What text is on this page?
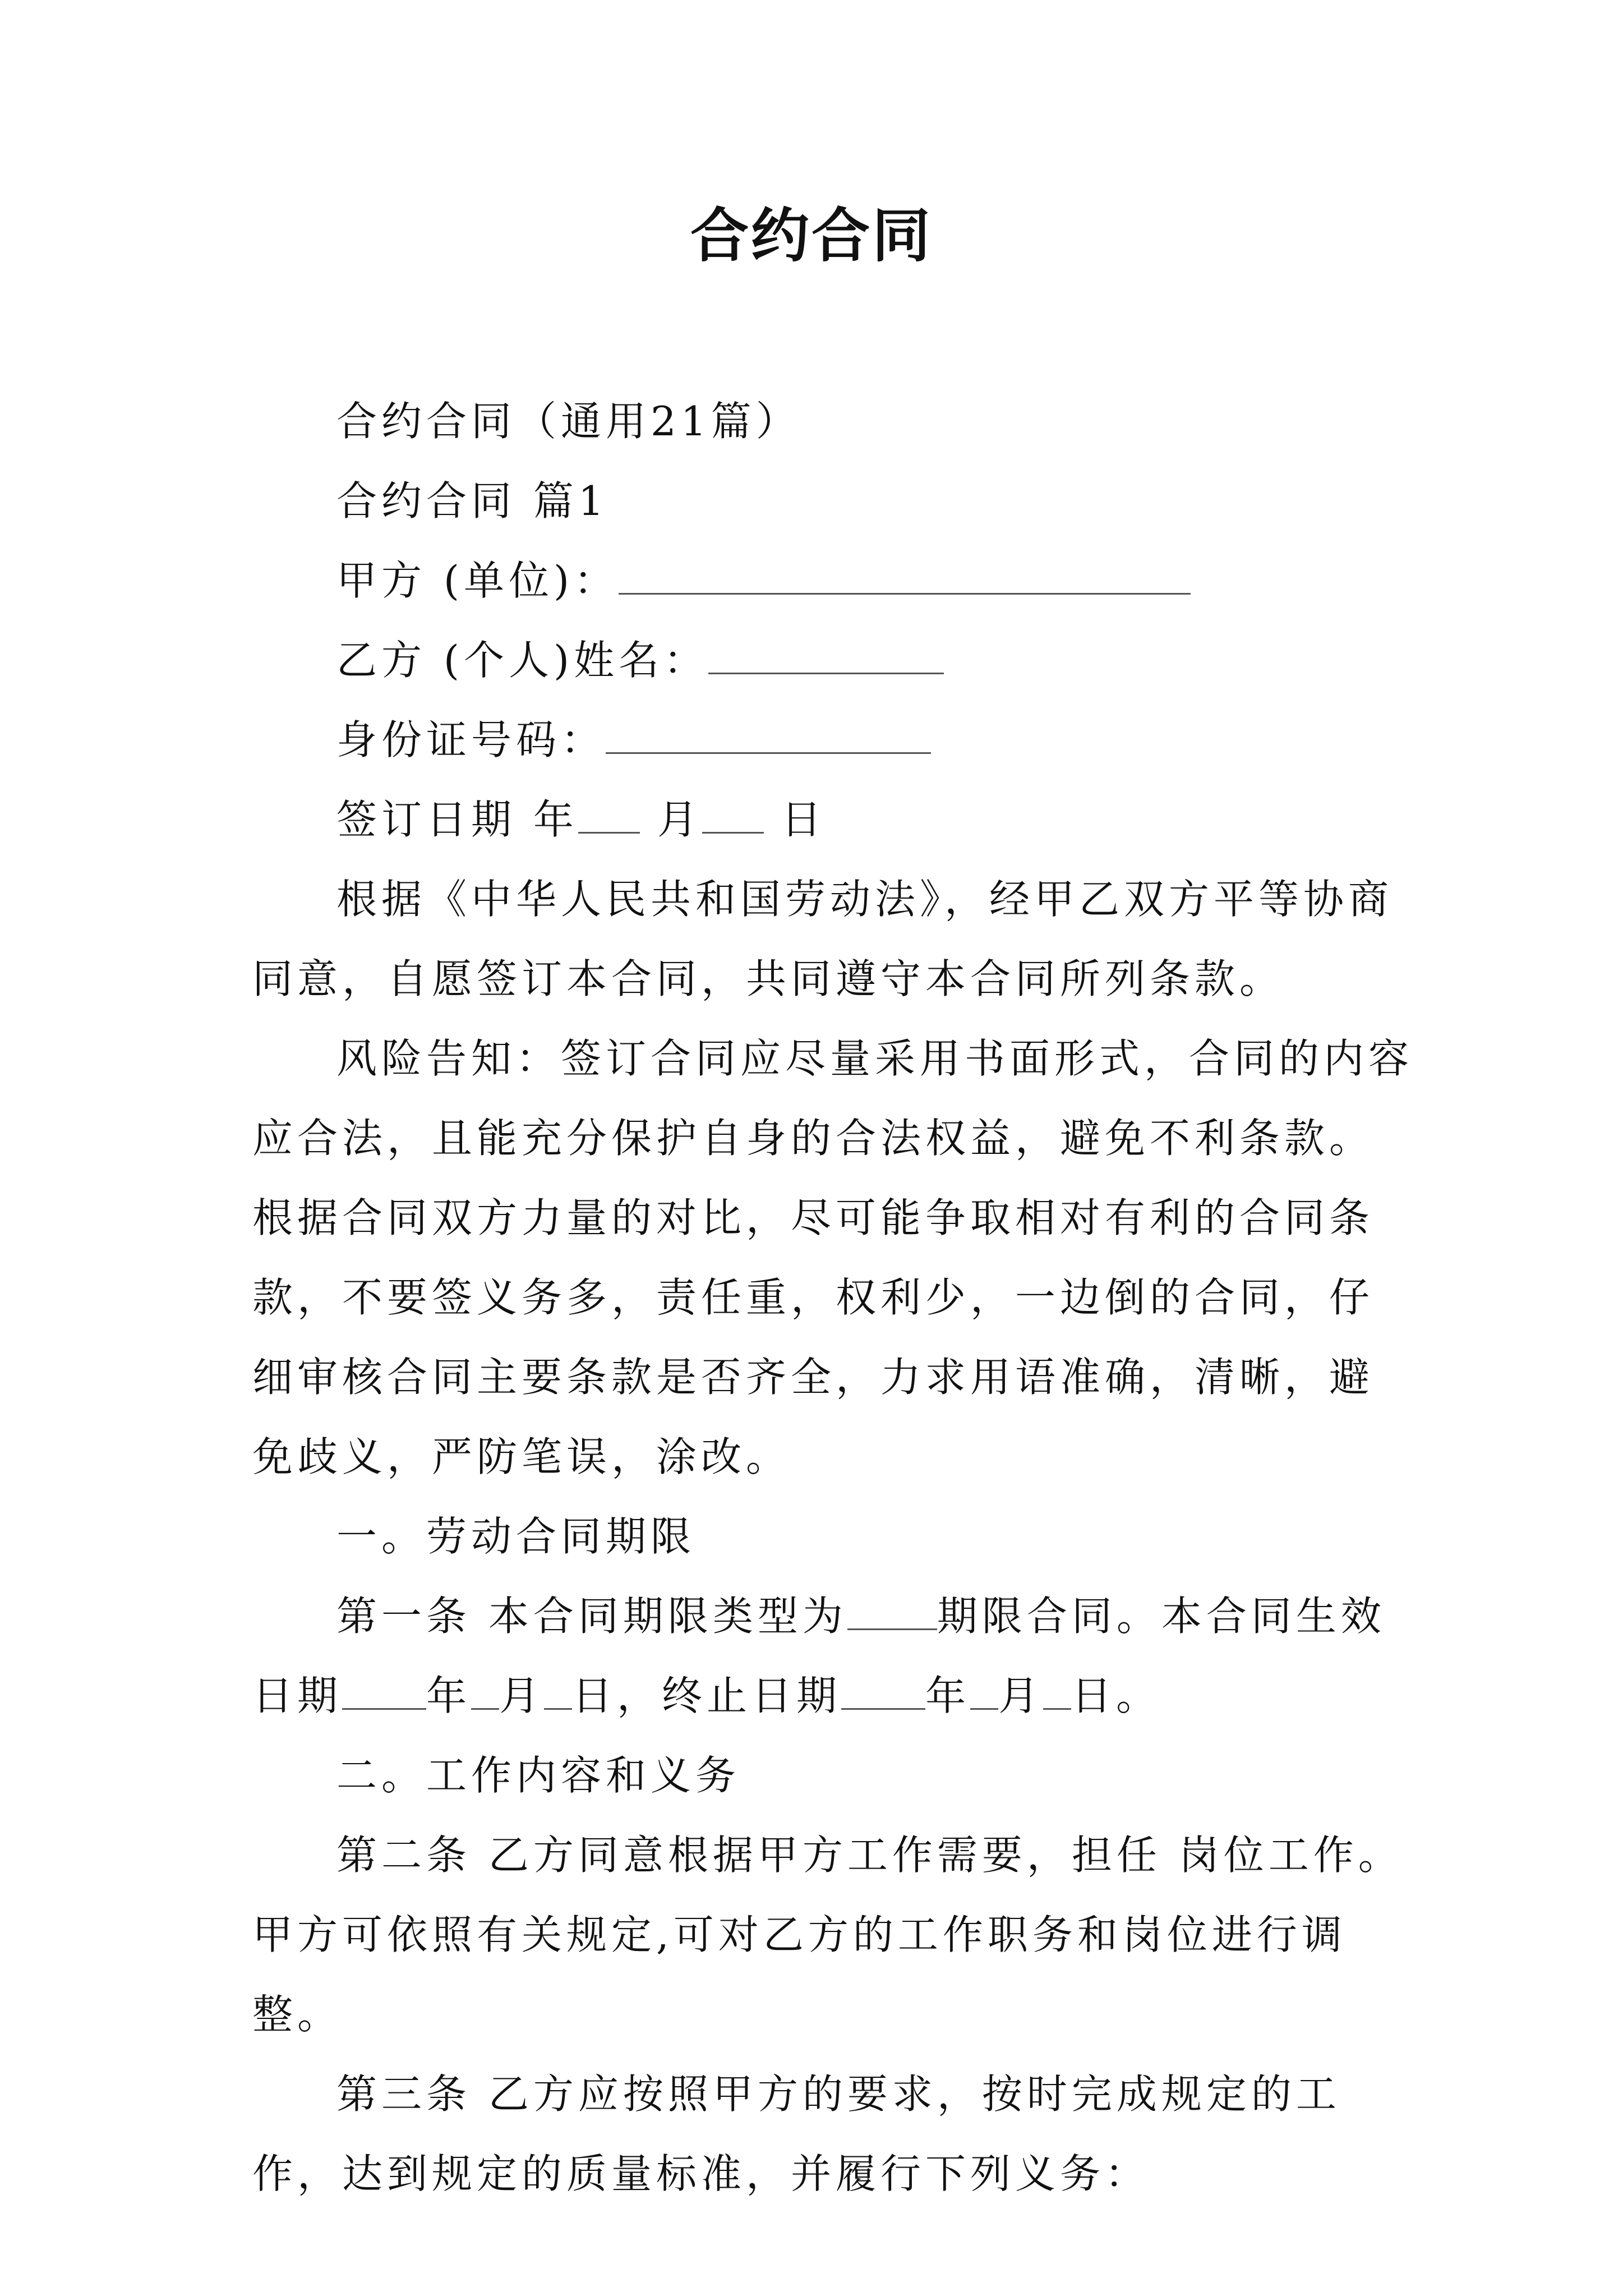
合约合同

合约合同（通用21篇）

合约合同 篇1

甲方 (单位)：

乙方 (个人)姓名：

身份证号码：

签订日期 年 月 日

根据《中华人民共和国劳动法》，经甲乙双方平等协商同意，自愿签订本合同，共同遵守本合同所列条款。

风险告知：签订合同应尽量采用书面形式，合同的内容应合法，且能充分保护自身的合法权益，避免不利条款。根据合同双方力量的对比，尽可能争取相对有利的合同条款，不要签义务多，责任重，权利少，一边倒的合同，仔细审核合同主要条款是否齐全，力求用语准确，清晰，避免歧义，严防笔误，涂改。

一。劳动合同期限

第一条 本合同期限类型为 期限合同。本合同生效日期 年 月 日，终止日期 年 月 日。

二。工作内容和义务

第二条 乙方同意根据甲方工作需要，担任 岗位工作。甲方可依照有关规定,可对乙方的工作职务和岗位进行调整。

第三条 乙方应按照甲方的要求，按时完成规定的工作，达到规定的质量标准，并履行下列义务：
